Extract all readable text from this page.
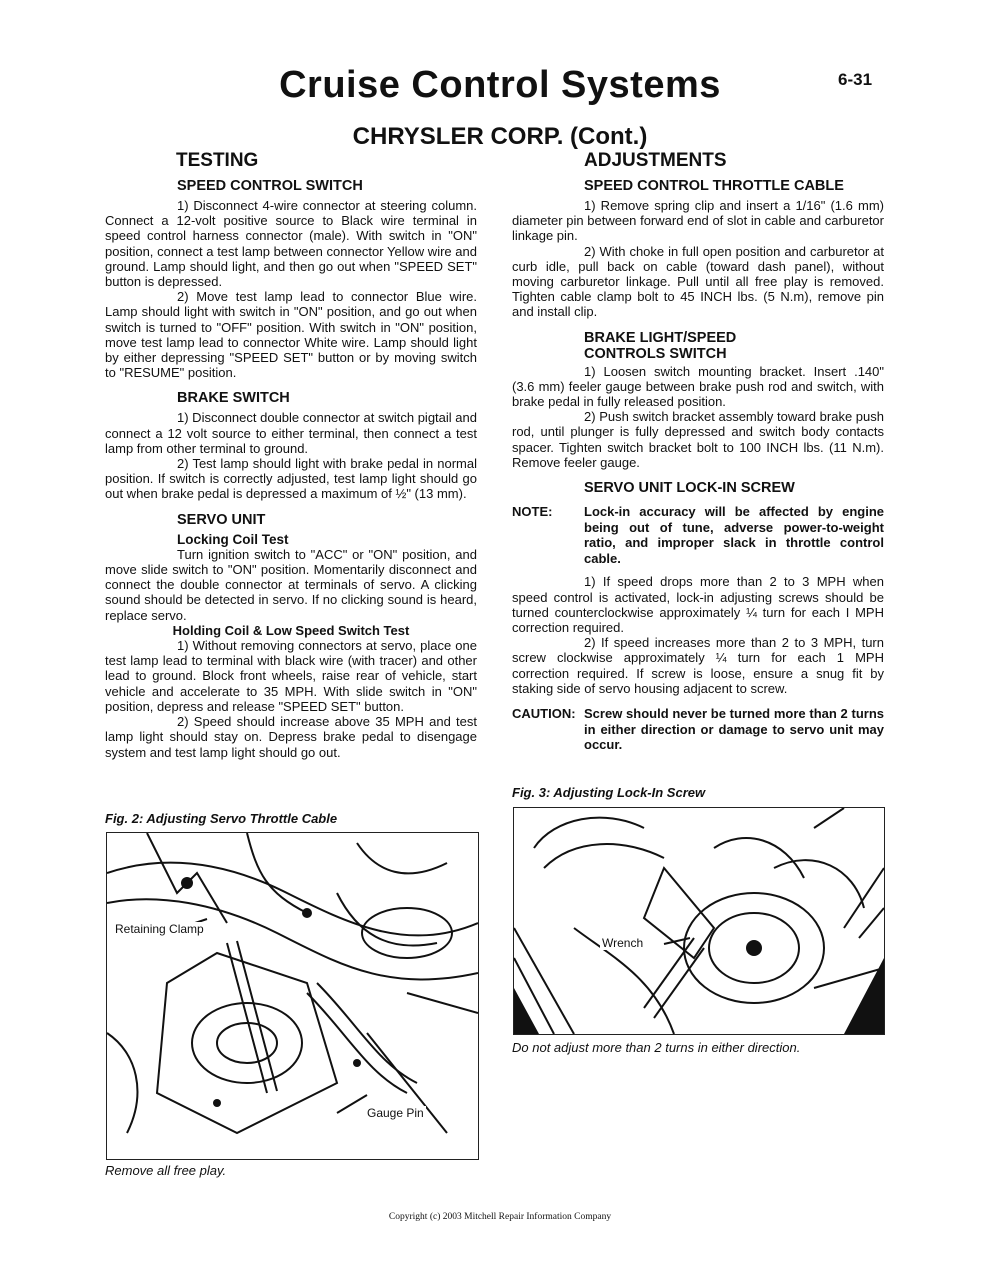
Cruise Control Systems	6-31
CHRYSLER CORP. (Cont.)
TESTING	ADJUSTMENTS
SPEED CONTROL SWITCH

1) Disconnect 4-wire connector at steering column. Connect a 12-volt positive source to Black wire terminal in speed control harness connector (male). With switch in "ON" position, connect a test lamp between connector Yellow wire and ground. Lamp should light, and then go out when "SPEED SET" button is depressed.

2) Move test lamp lead to connector Blue wire. Lamp should light with switch in "ON" position, and go out when switch is turned to "OFF" position. With switch in "ON" position, move test lamp lead to connector White wire. Lamp should light by either depressing "SPEED SET" button or by moving switch to "RESUME" position.

BRAKE SWITCH

1) Disconnect double connector at switch pigtail and connect a 12 volt source to either terminal, then connect a test lamp from other terminal to ground.

2) Test lamp should light with brake pedal in normal position. If switch is correctly adjusted, test lamp light should go out when brake pedal is depressed a maximum of ½" (13 mm).

SERVO UNIT
Locking Coil Test

Turn ignition switch to "ACC" or "ON" position, and move slide switch to "ON" position. Momentarily disconnect and connect the double connector at terminals of servo. A clicking sound should be detected in servo. If no clicking sound is heard, replace servo.

Holding Coil & Low Speed Switch Test

1) Without removing connectors at servo, place one test lamp lead to terminal with black wire (with tracer) and other lead to ground. Block front wheels, raise rear of vehicle, start vehicle and accelerate to 35 MPH. With slide switch in "ON" position, depress and release "SPEED SET" button.

2) Speed should increase above 35 MPH and test lamp light should stay on. Depress brake pedal to disengage system and test lamp light should go out.

Fig. 2: Adjusting Servo Throttle Cable
Retaining Clamp
Gauge Pin
Remove all free play.
SPEED CONTROL THROTTLE CABLE

1) Remove spring clip and insert a 1/16" (1.6 mm) diameter pin between forward end of slot in cable and carburetor linkage pin.

2) With choke in full open position and carburetor at curb idle, pull back on cable (toward dash panel), without moving carburetor linkage. Pull until all free play is removed. Tighten cable clamp bolt to 45 INCH lbs. (5 N.m), remove pin and install clip.

BRAKE LIGHT/SPEED
CONTROLS SWITCH

1) Loosen switch mounting bracket. Insert .140" (3.6 mm) feeler gauge between brake push rod and switch, with brake pedal in fully released position.

2) Push switch bracket assembly toward brake push rod, until plunger is fully depressed and switch body contacts spacer. Tighten switch bracket bolt to 100 INCH lbs. (11 N.m). Remove feeler gauge.

SERVO UNIT LOCK-IN SCREW
NOTE:	Lock-in accuracy will be affected by engine being out of tune, adverse power-to-weight ratio, and improper slack in throttle control cable.

1) If speed drops more than 2 to 3 MPH when speed control is activated, lock-in adjusting screws should be turned counterclockwise approximately ¼ turn for each I MPH correction required.

2) If speed increases more than 2 to 3 MPH, turn screw clockwise approximately ¼ turn for each 1 MPH correction required. If screw is loose, ensure a snug fit by staking side of servo housing adjacent to screw.

CAUTION: Screw should never be turned more than 2 turns in either direction or damage to servo unit may occur.
Fig. 3: Adjusting Lock-In Screw
Wrench
Do not adjust more than 2 turns in either direction.
Copyright (c) 2003 Mitchell Repair Information Company
